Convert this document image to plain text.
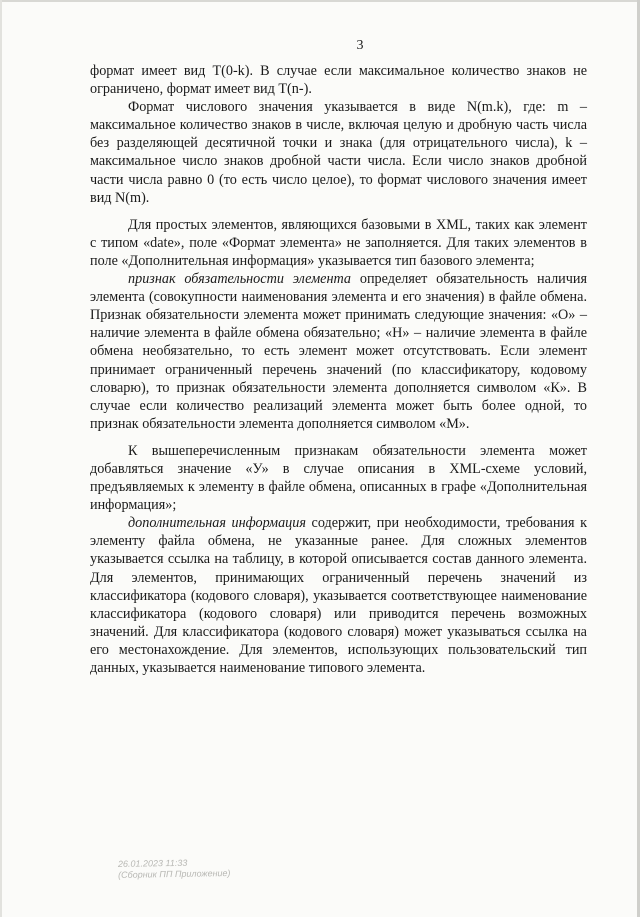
3

формат имеет вид T(0-k). В случае если максимальное количество знаков не ограничено, формат имеет вид T(n-).

Формат числового значения указывается в виде N(m.k), где: m – максимальное количество знаков в числе, включая целую и дробную часть числа без разделяющей десятичной точки и знака (для отрицательного числа), k – максимальное число знаков дробной части числа. Если число знаков дробной части числа равно 0 (то есть число целое), то формат числового значения имеет вид N(m).

Для простых элементов, являющихся базовыми в XML, таких как элемент с типом «date», поле «Формат элемента» не заполняется. Для таких элементов в поле «Дополнительная информация» указывается тип базового элемента;

признак обязательности элемента определяет обязательность наличия элемента (совокупности наименования элемента и его значения) в файле обмена. Признак обязательности элемента может принимать следующие значения: «О» – наличие элемента в файле обмена обязательно; «Н» – наличие элемента в файле обмена необязательно, то есть элемент может отсутствовать. Если элемент принимает ограниченный перечень значений (по классификатору, кодовому словарю), то признак обязательности элемента дополняется символом «К». В случае если количество реализаций элемента может быть более одной, то признак обязательности элемента дополняется символом «М».

К вышеперечисленным признакам обязательности элемента может добавляться значение «У» в случае описания в XML-схеме условий, предъявляемых к элементу в файле обмена, описанных в графе «Дополнительная информация»;

дополнительная информация содержит, при необходимости, требования к элементу файла обмена, не указанные ранее. Для сложных элементов указывается ссылка на таблицу, в которой описывается состав данного элемента. Для элементов, принимающих ограниченный перечень значений из классификатора (кодового словаря), указывается соответствующее наименование классификатора (кодового словаря) или приводится перечень возможных значений. Для классификатора (кодового словаря) может указываться ссылка на его местонахождение. Для элементов, использующих пользовательский тип данных, указывается наименование типового элемента.

26.01.2023 11:33
(Сборник ПП Приложение)
